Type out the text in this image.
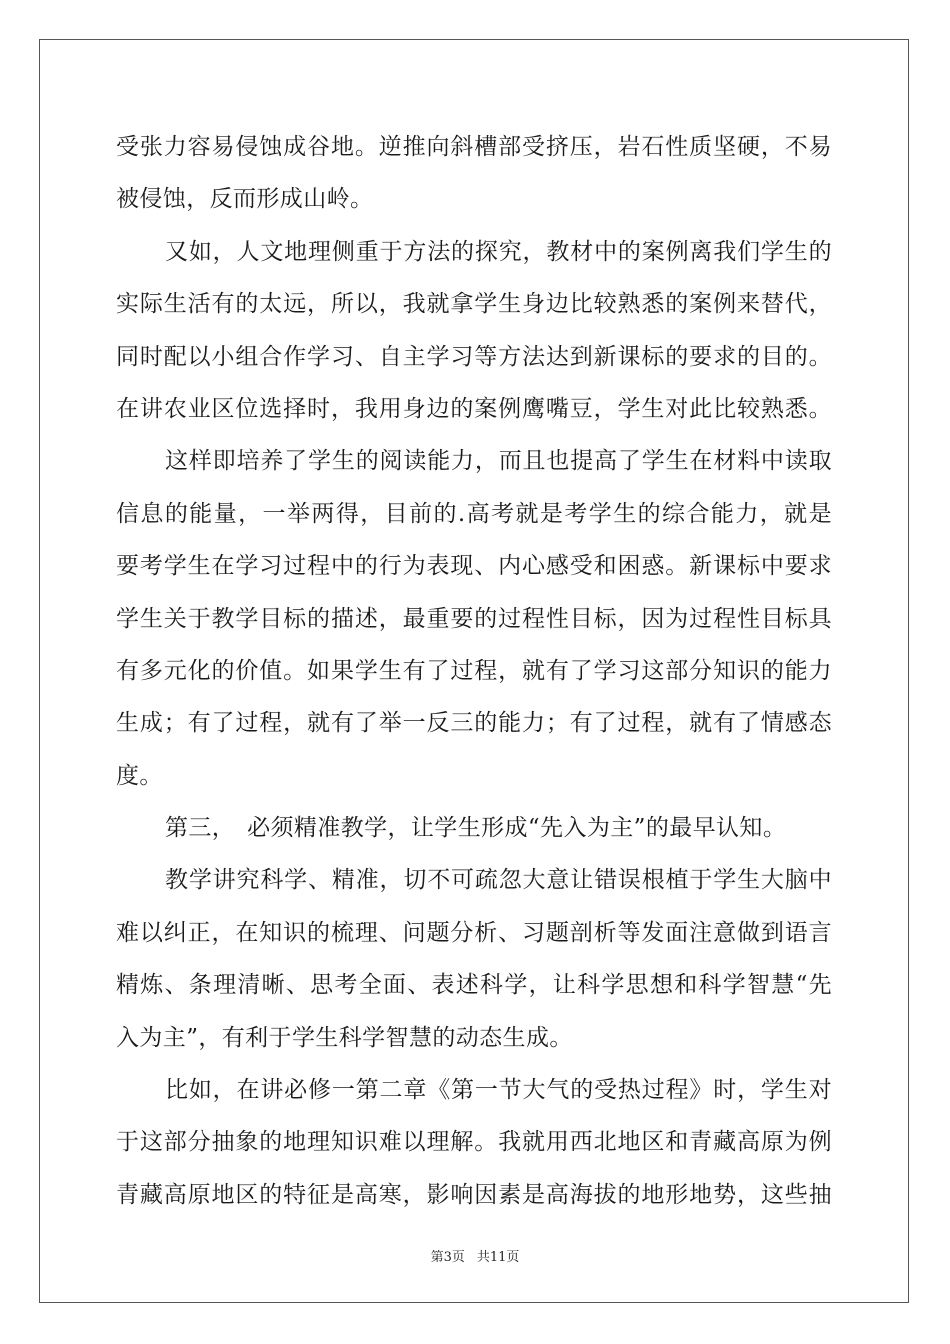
受张力容易侵蚀成谷地。逆推向斜槽部受挤压，岩石性质坚硬，不易
被侵蚀，反而形成山岭。
又如，人文地理侧重于方法的探究，教材中的案例离我们学生的
实际生活有的太远，所以，我就拿学生身边比较熟悉的案例来替代，
同时配以小组合作学习、自主学习等方法达到新课标的要求的目的。
在讲农业区位选择时，我用身边的案例鹰嘴豆，学生对此比较熟悉。
这样即培养了学生的阅读能力，而且也提高了学生在材料中读取
信息的能量，一举两得，目前的.高考就是考学生的综合能力，就是
要考学生在学习过程中的行为表现、内心感受和困惑。新课标中要求
学生关于教学目标的描述，最重要的过程性目标，因为过程性目标具
有多元化的价值。如果学生有了过程，就有了学习这部分知识的能力
生成；有了过程，就有了举一反三的能力；有了过程，就有了情感态
度。
第三，　必须精准教学，让学生形成“先入为主”的最早认知。
教学讲究科学、精准，切不可疏忽大意让错误根植于学生大脑中
难以纠正，在知识的梳理、问题分析、习题剖析等发面注意做到语言
精炼、条理清晰、思考全面、表述科学，让科学思想和科学智慧“先
入为主”，有利于学生科学智慧的动态生成。
比如，在讲必修一第二章《第一节大气的受热过程》时，学生对
于这部分抽象的地理知识难以理解。我就用西北地区和青藏高原为例
青藏高原地区的特征是高寒，影响因素是高海拔的地形地势，这些抽
第3页 共11页
